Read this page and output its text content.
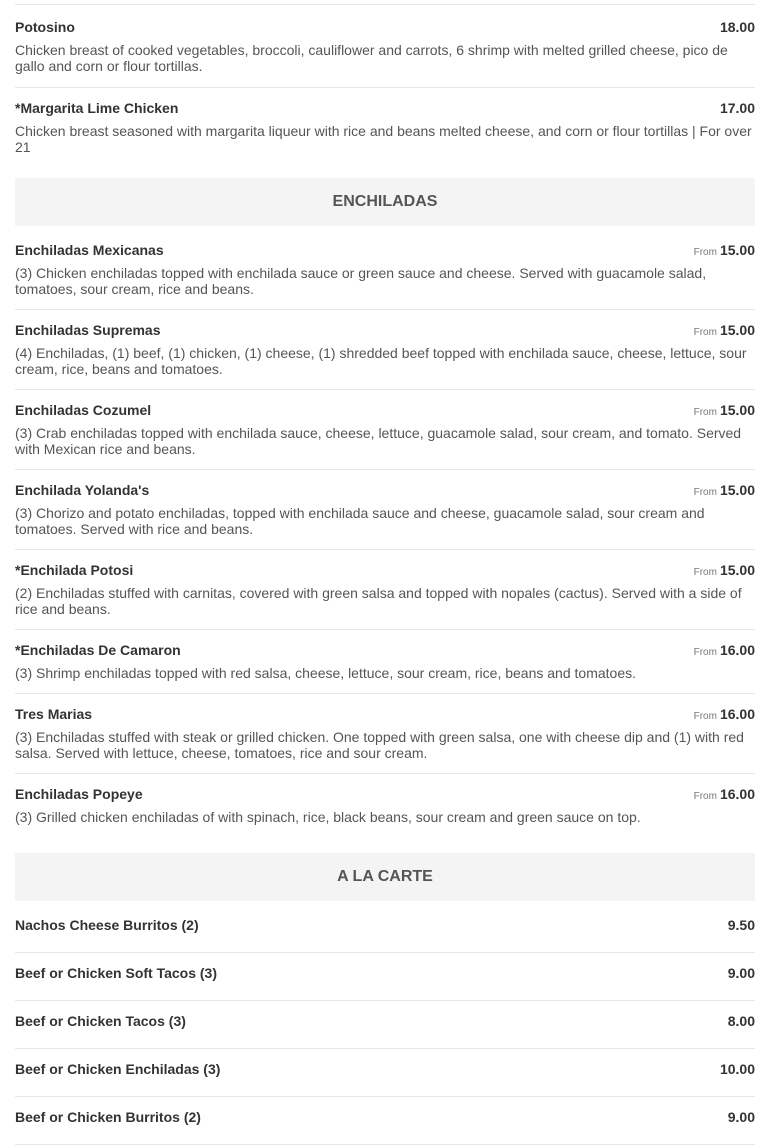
Potosino	18.00
Chicken breast of cooked vegetables, broccoli, cauliflower and carrots, 6 shrimp with melted grilled cheese, pico de gallo and corn or flour tortillas.
*Margarita Lime Chicken	17.00
Chicken breast seasoned with margarita liqueur with rice and beans melted cheese, and corn or flour tortillas | For over 21
ENCHILADAS
Enchiladas Mexicanas	From 15.00
(3) Chicken enchiladas topped with enchilada sauce or green sauce and cheese. Served with guacamole salad, tomatoes, sour cream, rice and beans.
Enchiladas Supremas	From 15.00
(4) Enchiladas, (1) beef, (1) chicken, (1) cheese, (1) shredded beef topped with enchilada sauce, cheese, lettuce, sour cream, rice, beans and tomatoes.
Enchiladas Cozumel	From 15.00
(3) Crab enchiladas topped with enchilada sauce, cheese, lettuce, guacamole salad, sour cream, and tomato. Served with Mexican rice and beans.
Enchilada Yolanda's	From 15.00
(3) Chorizo and potato enchiladas, topped with enchilada sauce and cheese, guacamole salad, sour cream and tomatoes. Served with rice and beans.
*Enchilada Potosi	From 15.00
(2) Enchiladas stuffed with carnitas, covered with green salsa and topped with nopales (cactus). Served with a side of rice and beans.
*Enchiladas De Camaron	From 16.00
(3) Shrimp enchiladas topped with red salsa, cheese, lettuce, sour cream, rice, beans and tomatoes.
Tres Marias	From 16.00
(3) Enchiladas stuffed with steak or grilled chicken. One topped with green salsa, one with cheese dip and (1) with red salsa. Served with lettuce, cheese, tomatoes, rice and sour cream.
Enchiladas Popeye	From 16.00
(3) Grilled chicken enchiladas of with spinach, rice, black beans, sour cream and green sauce on top.
A LA CARTE
Nachos Cheese Burritos (2)	9.50
Beef or Chicken Soft Tacos (3)	9.00
Beef or Chicken Tacos (3)	8.00
Beef or Chicken Enchiladas (3)	10.00
Beef or Chicken Burritos (2)	9.00
